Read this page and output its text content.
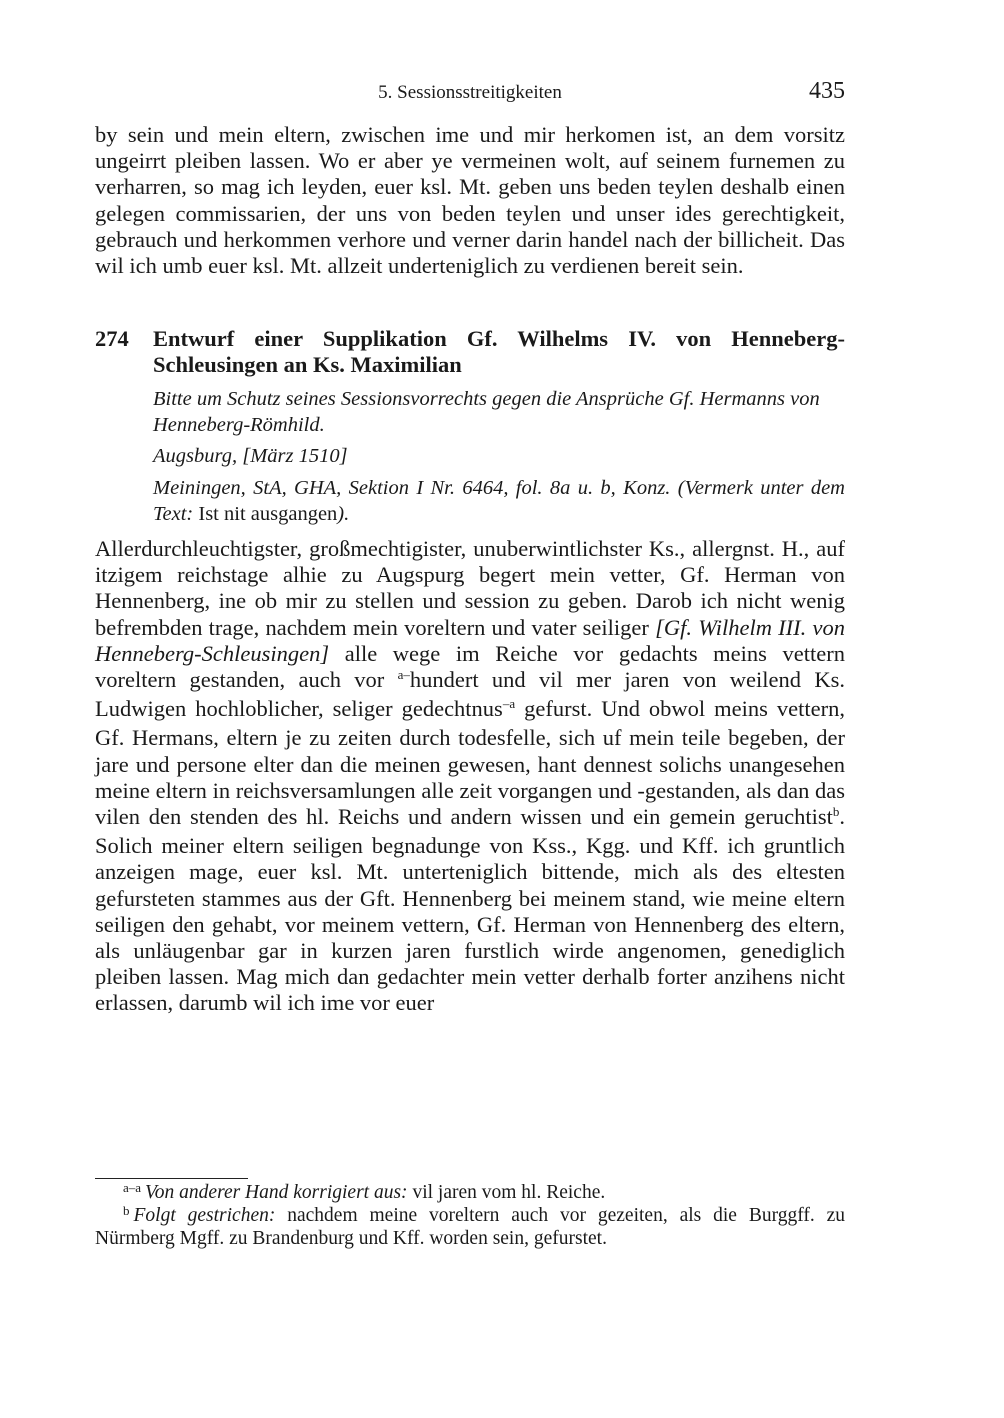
5. Sessionsstreitigkeiten	435

by sein und mein eltern, zwischen ime und mir herkomen ist, an dem vorsitz ungeirrt pleiben lassen. Wo er aber ye vermeinen wolt, auf seinem furnemen zu verharren, so mag ich leyden, euer ksl. Mt. geben uns beden teylen deshalb einen gelegen commissarien, der uns von beden teylen und unser ides gerechtigkeit, gebrauch und herkommen verhore und verner darin handel nach der billicheit. Das wil ich umb euer ksl. Mt. allzeit underteniglich zu verdienen bereit sein.

274	Entwurf einer Supplikation Gf. Wilhelms IV. von Henneberg-Schleusingen an Ks. Maximilian

Bitte um Schutz seines Sessionsvorrechts gegen die Ansprüche Gf. Hermanns von Henneberg-Römhild.

Augsburg, [März 1510]

Meiningen, StA, GHA, Sektion I Nr. 6464, fol. 8a u. b, Konz. (Vermerk unter dem Text: Ist nit ausgangen).

Allerdurchleuchtigster, großmechtigister, unuberwintlichster Ks., allergnst. H., auf itzigem reichstage alhie zu Augspurg begert mein vetter, Gf. Herman von Hennenberg, ine ob mir zu stellen und session zu geben. Darob ich nicht wenig befrembden trage, nachdem mein voreltern und vater seiliger [Gf. Wilhelm III. von Henneberg-Schleusingen] alle wege im Reiche vor gedachts meins vettern voreltern gestanden, auch vor $^{a-}$hundert und vil mer jaren von weilend Ks. Ludwigen hochloblicher, seliger gedechtnus$^{-a}$ gefurst. Und obwol meins vettern, Gf. Hermans, eltern je zu zeiten durch todesfelle, sich uf mein teile begeben, der jare und persone elter dan die meinen gewesen, hant dennest solichs unangesehen meine eltern in reichsversamlungen alle zeit vorgangen und -gestanden, als dan das vilen den stenden des hl. Reichs und andern wissen und ein gemein geruchtist$^b$. Solich meiner eltern seiligen begnadunge von Kss., Kgg. und Kff. ich gruntlich anzeigen mage, euer ksl. Mt. unterteniglich bittende, mich als des eltesten gefursteten stammes aus der Gft. Hennenberg bei meinem stand, wie meine eltern seiligen den gehabt, vor meinem vettern, Gf. Herman von Hennenberg des eltern, als unläugenbar gar in kurzen jaren furstlich wirde angenomen, genediglich pleiben lassen. Mag mich dan gedachter mein vetter derhalb forter anzihens nicht erlassen, darumb wil ich ime vor euer

$^{a-a}$ Von anderer Hand korrigiert aus: vil jaren vom hl. Reiche.

$^b$ Folgt gestrichen: nachdem meine voreltern auch vor gezeiten, als die Burggff. zu Nürmberg Mgff. zu Brandenburg und Kff. worden sein, gefurstet.
